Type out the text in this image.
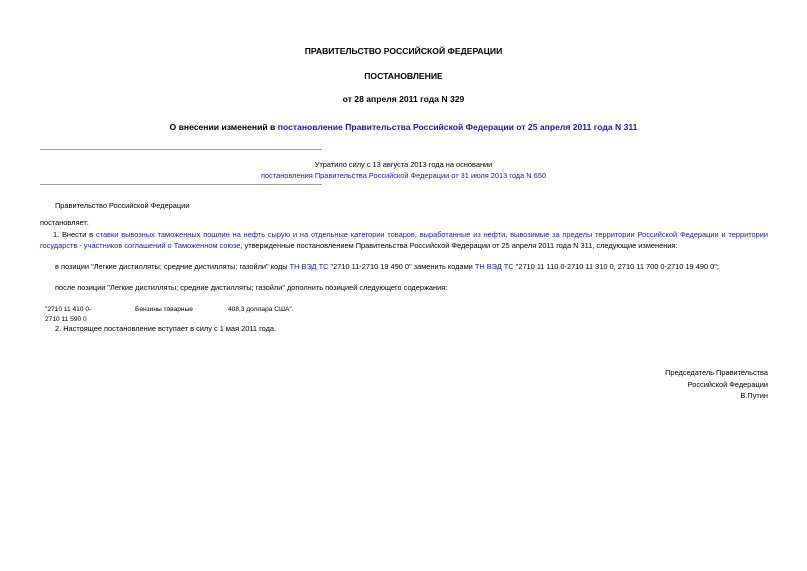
ПРАВИТЕЛЬСТВО РОССИЙСКОЙ ФЕДЕРАЦИИ
ПОСТАНОВЛЕНИЕ
от 28 апреля 2011 года N 329
О внесении изменений в постановление Правительства Российской Федерации от 25 апреля 2011 года N 311
Утратило силу с 13 августа 2013 года на основании
постановления Правительства Российской Федерации от 31 июля 2013 года N 650
Правительство Российской Федерации
постановляет:
1. Внести в ставки вывозных таможенных пошлин на нефть сырую и на отдельные категории товаров, выработанные из нефти, вывозимые за пределы территории Российской Федерации и территории государств - участников соглашений о Таможенном союзе, утвержденные постановлением Правительства Российской Федерации от 25 апреля 2011 года N 311, следующие изменения:
в позиции "Легкие дистилляты; средние дистилляты; газойли" коды ТН ВЭД ТС "2710 11-2710 19 490 0" заменить кодами ТН ВЭД ТС "2710 11 110 0-2710 11 310 0, 2710 11 700 0-2710 19 490 0";
после позиции "Легкие дистилляты; средние дистилляты; газойли" дополнить позицией следующего содержания:
"2710 11 410 0-
2710 11 590 0
Бензины товарные	408,3 доллара США".
2. Настоящее постановление вступает в силу с 1 мая 2011 года.
Председатель Правительства
Российской Федерации
В.Путин
